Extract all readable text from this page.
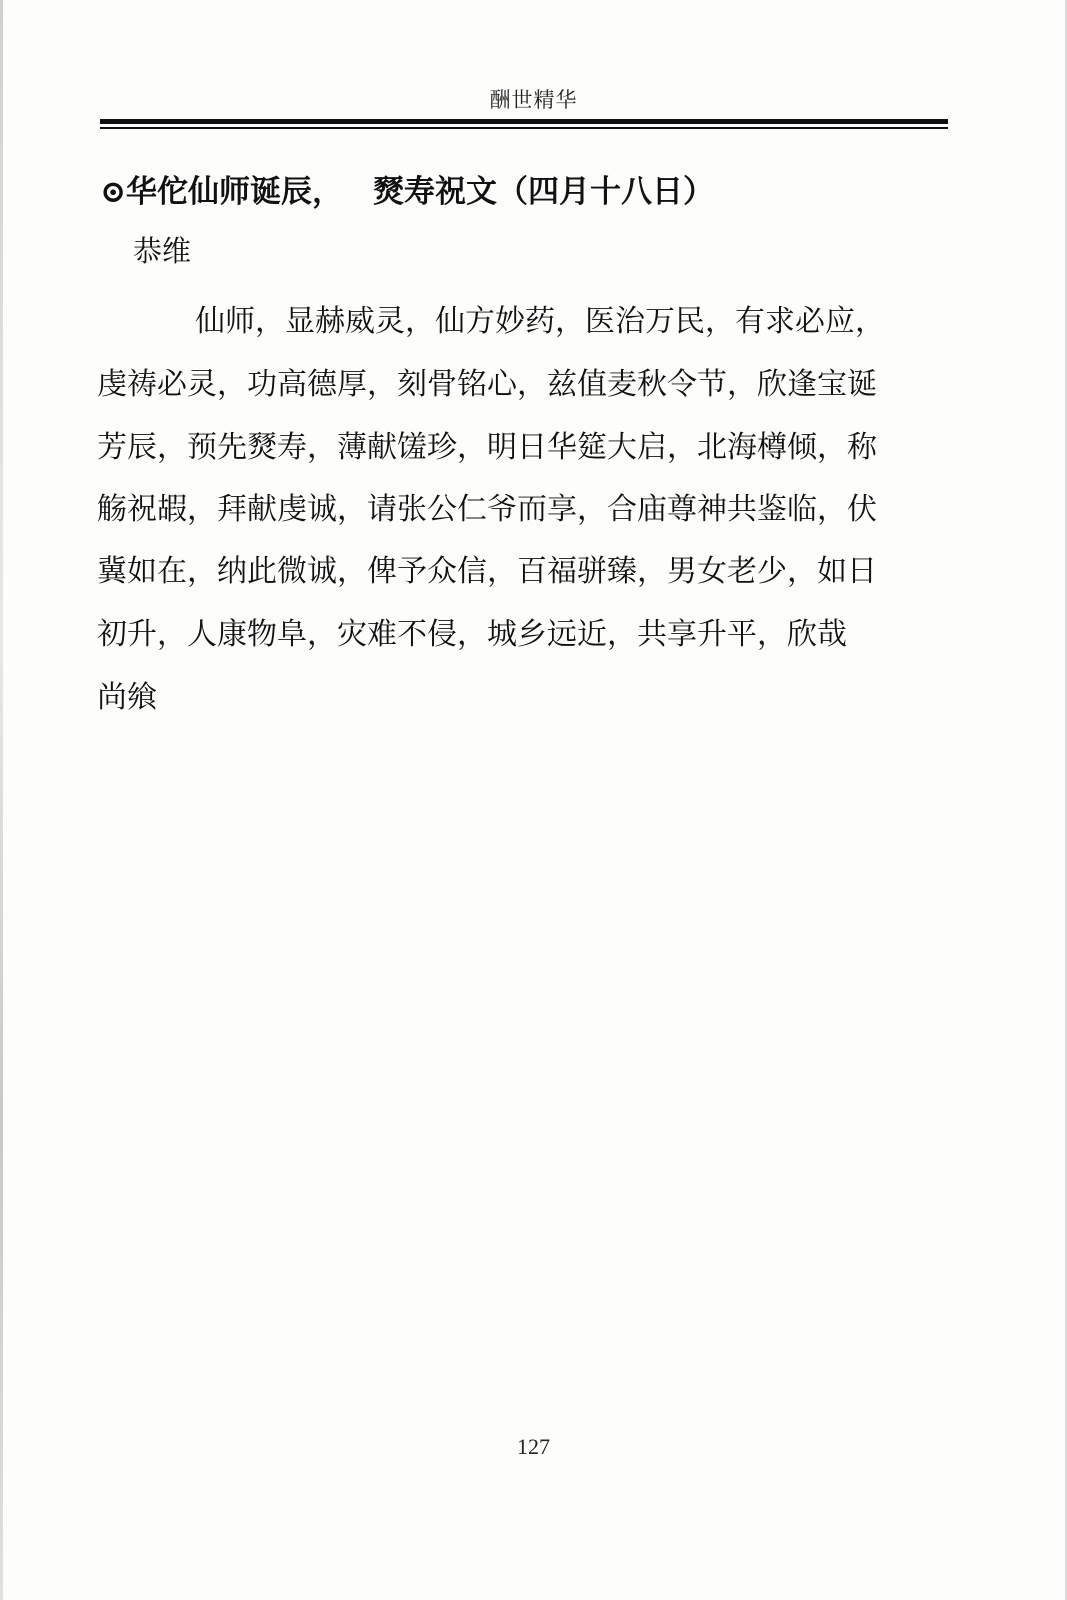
酬世精华
⊙华佗仙师诞辰， 燹寿祝文（四月十八日）
恭维
仙师，显赫威灵，仙方妙药，医治万民，有求必应，
虔祷必灵，功高德厚，刻骨铭心，兹值麦秋令节，欣逢宝诞
芳辰，预先燹寿，薄献馐珍，明日华筵大启，北海樽倾，称
觞祝嘏，拜献虔诚，请张公仁爷而享，合庙尊神共鉴临，伏
冀如在，纳此微诚，俾予众信，百福骈臻，男女老少，如日
初升，人康物阜，灾难不侵，城乡远近，共享升平，欣哉
尚飨
127
